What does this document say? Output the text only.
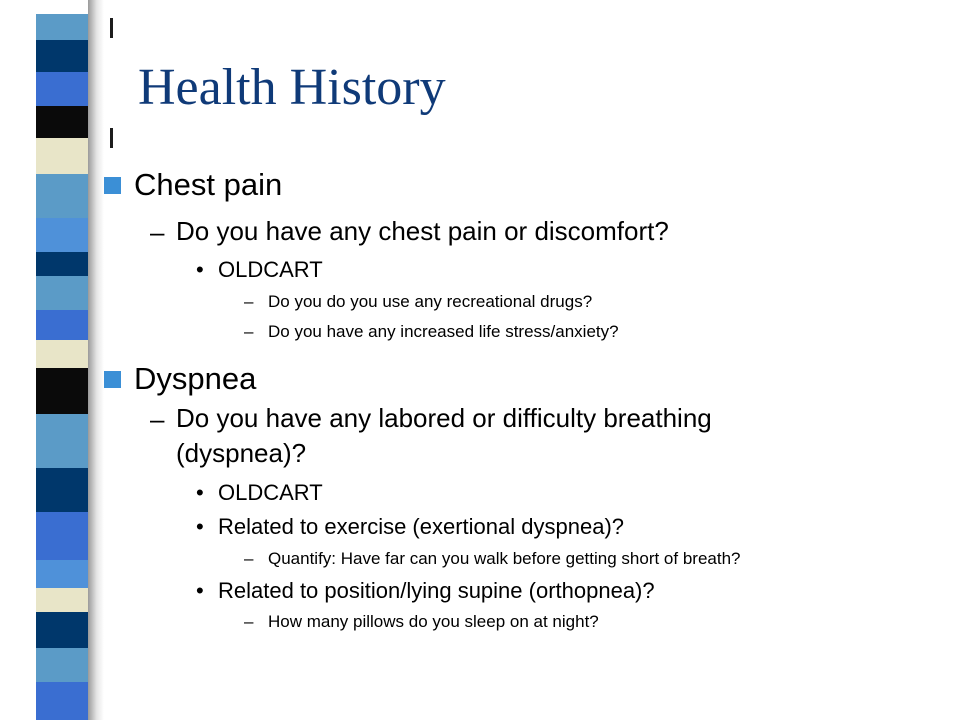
Health History
Chest pain
– Do you have any chest pain or discomfort?
• OLDCART
– Do you do you use any recreational drugs?
– Do you have any increased life stress/anxiety?
Dyspnea
– Do you have any labored or difficulty breathing
(dyspnea)?
• OLDCART
• Related to exercise (exertional dyspnea)?
– Quantify: Have far can you walk before getting short of breath?
• Related to position/lying supine (orthopnea)?
– How many pillows do you sleep on at night?
